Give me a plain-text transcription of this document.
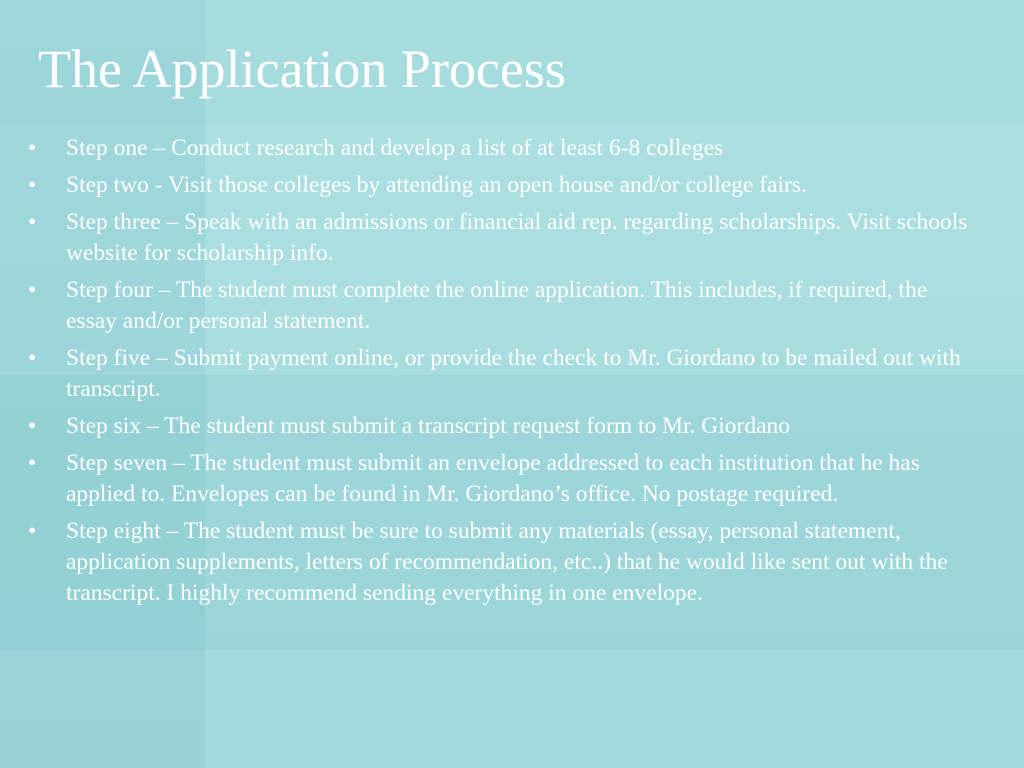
The Application Process
• Step one – Conduct research and develop a list of at least 6-8 colleges
• Step two - Visit those colleges by attending an open house and/or college fairs.
• Step three – Speak with an admissions or financial aid rep. regarding scholarships. Visit schools website for scholarship info.
• Step four – The student must complete the online application. This includes, if required, the essay and/or personal statement.
• Step five – Submit payment online, or provide the check to Mr. Giordano to be mailed out with transcript.
• Step six – The student must submit a transcript request form to Mr. Giordano
• Step seven – The student must submit an envelope addressed to each institution that he has applied to. Envelopes can be found in Mr. Giordano’s office. No postage required.
• Step eight – The student must be sure to submit any materials (essay, personal statement, application supplements, letters of recommendation, etc..) that he would like sent out with the transcript. I highly recommend sending everything in one envelope.
